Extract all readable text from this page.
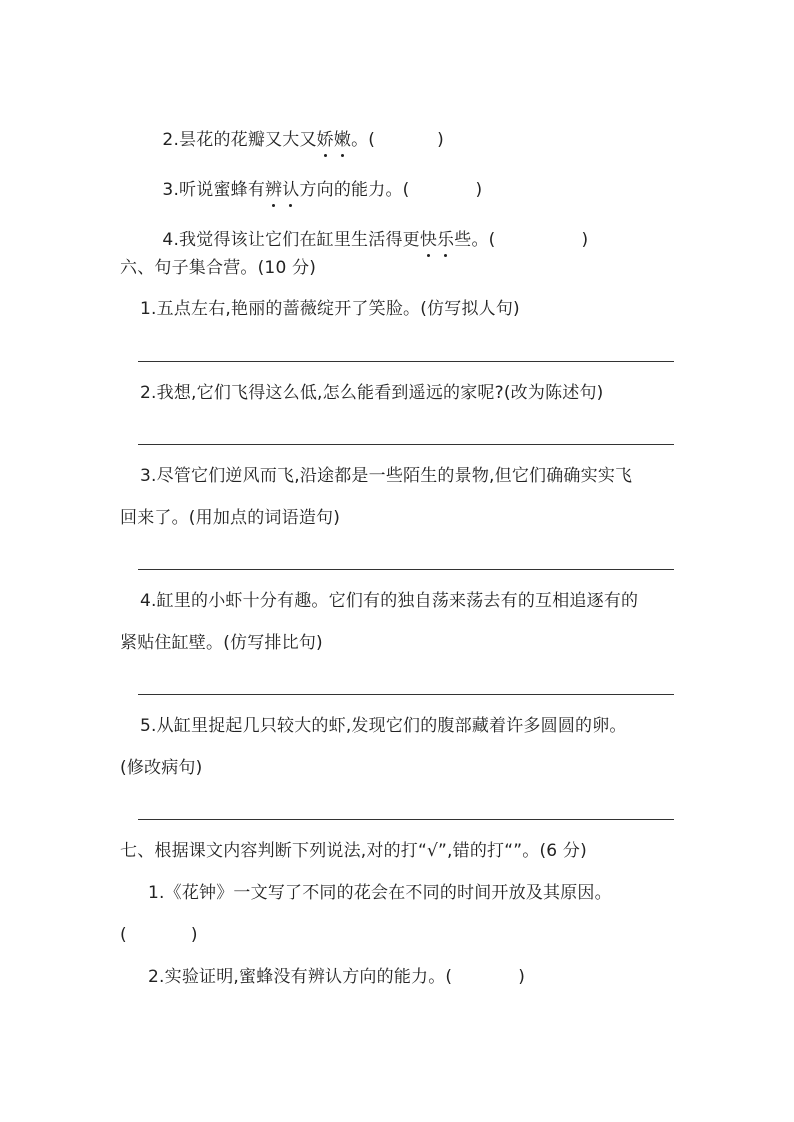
2.昙花的花瓣又大又娇嫩。(	)

3.听说蜜蜂有辨认方向的能力。(	)

4.我觉得该让它们在缸里生活得更快乐些。(	)

六、句子集合营。(10 分)
1.五点左右,艳丽的蔷薇绽开了笑脸。(仿写拟人句)
2.我想,它们飞得这么低,怎么能看到遥远的家呢?(改为陈述句)
3.尽管它们逆风而飞,沿途都是一些陌生的景物,但它们确确实实飞
回来了。(用加点的词语造句)
4.缸里的小虾十分有趣。它们有的独自荡来荡去有的互相追逐有的
紧贴住缸壁。(仿写排比句)
5.从缸里捉起几只较大的虾,发现它们的腹部藏着许多圆圆的卵。
(修改病句)
七、根据课文内容判断下列说法,对的打“√”,错的打“”。(6 分)
1.《花钟》一文写了不同的花会在不同的时间开放及其原因。
(	)
2.实验证明,蜜蜂没有辨认方向的能力。(	)
